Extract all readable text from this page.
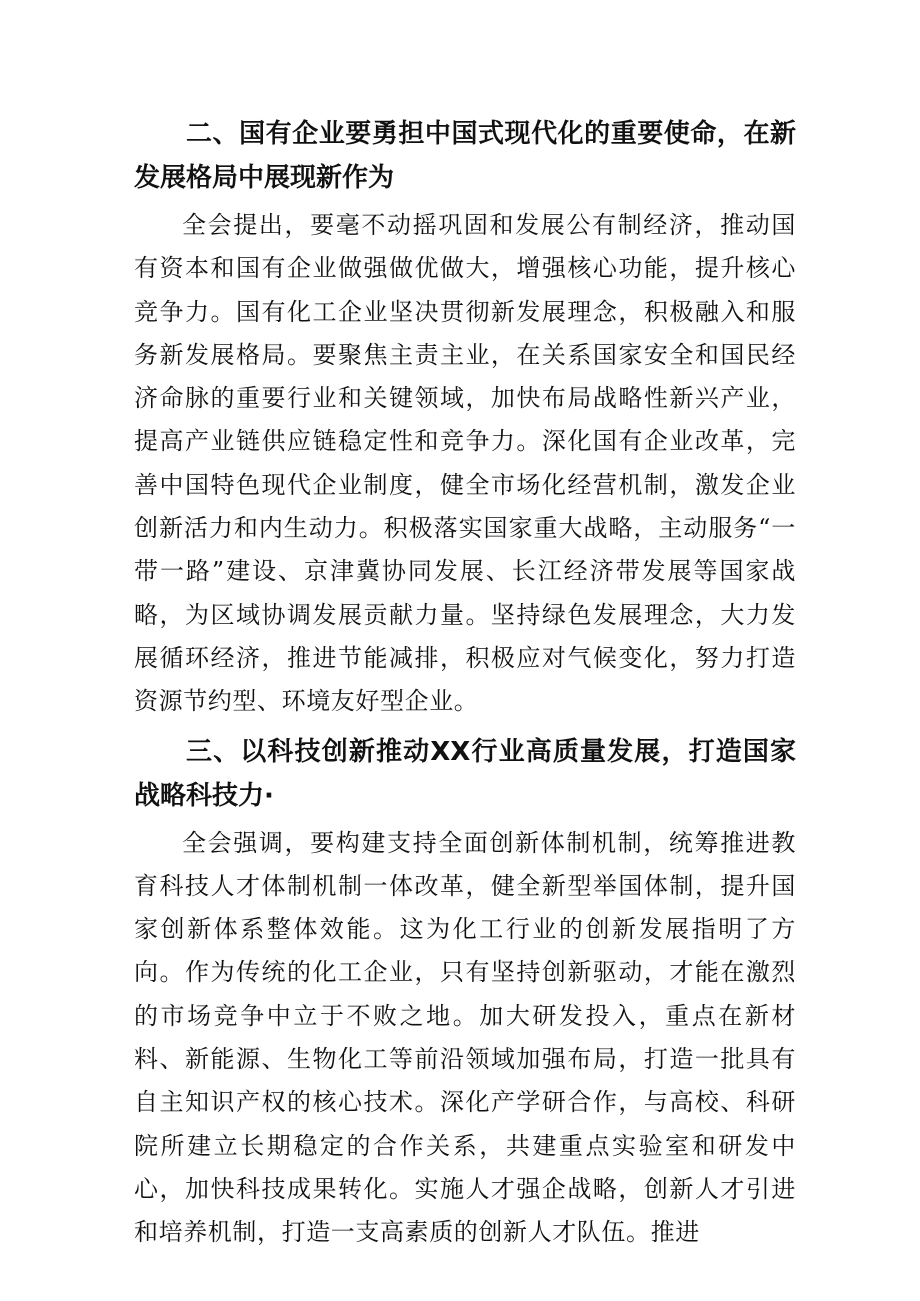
二、国有企业要勇担中国式现代化的重要使命，在新发展格局中展现新作为

全会提出，要毫不动摇巩固和发展公有制经济，推动国有资本和国有企业做强做优做大，增强核心功能，提升核心竞争力。国有化工企业坚决贯彻新发展理念，积极融入和服务新发展格局。要聚焦主责主业，在关系国家安全和国民经济命脉的重要行业和关键领域，加快布局战略性新兴产业，提高产业链供应链稳定性和竞争力。深化国有企业改革，完善中国特色现代企业制度，健全市场化经营机制，激发企业创新活力和内生动力。积极落实国家重大战略，主动服务“一带一路”建设、京津冀协同发展、长江经济带发展等国家战略，为区域协调发展贡献力量。坚持绿色发展理念，大力发展循环经济，推进节能减排，积极应对气候变化，努力打造资源节约型、环境友好型企业。

三、以科技创新推动XX行业高质量发展，打造国家战略科技力·

全会强调，要构建支持全面创新体制机制，统筹推进教育科技人才体制机制一体改革，健全新型举国体制，提升国家创新体系整体效能。这为化工行业的创新发展指明了方向。作为传统的化工企业，只有坚持创新驱动，才能在激烈的市场竞争中立于不败之地。加大研发投入，重点在新材料、新能源、生物化工等前沿领域加强布局，打造一批具有自主知识产权的核心技术。深化产学研合作，与高校、科研院所建立长期稳定的合作关系，共建重点实验室和研发中心，加快科技成果转化。实施人才强企战略，创新人才引进和培养机制，打造一支高素质的创新人才队伍。推进
